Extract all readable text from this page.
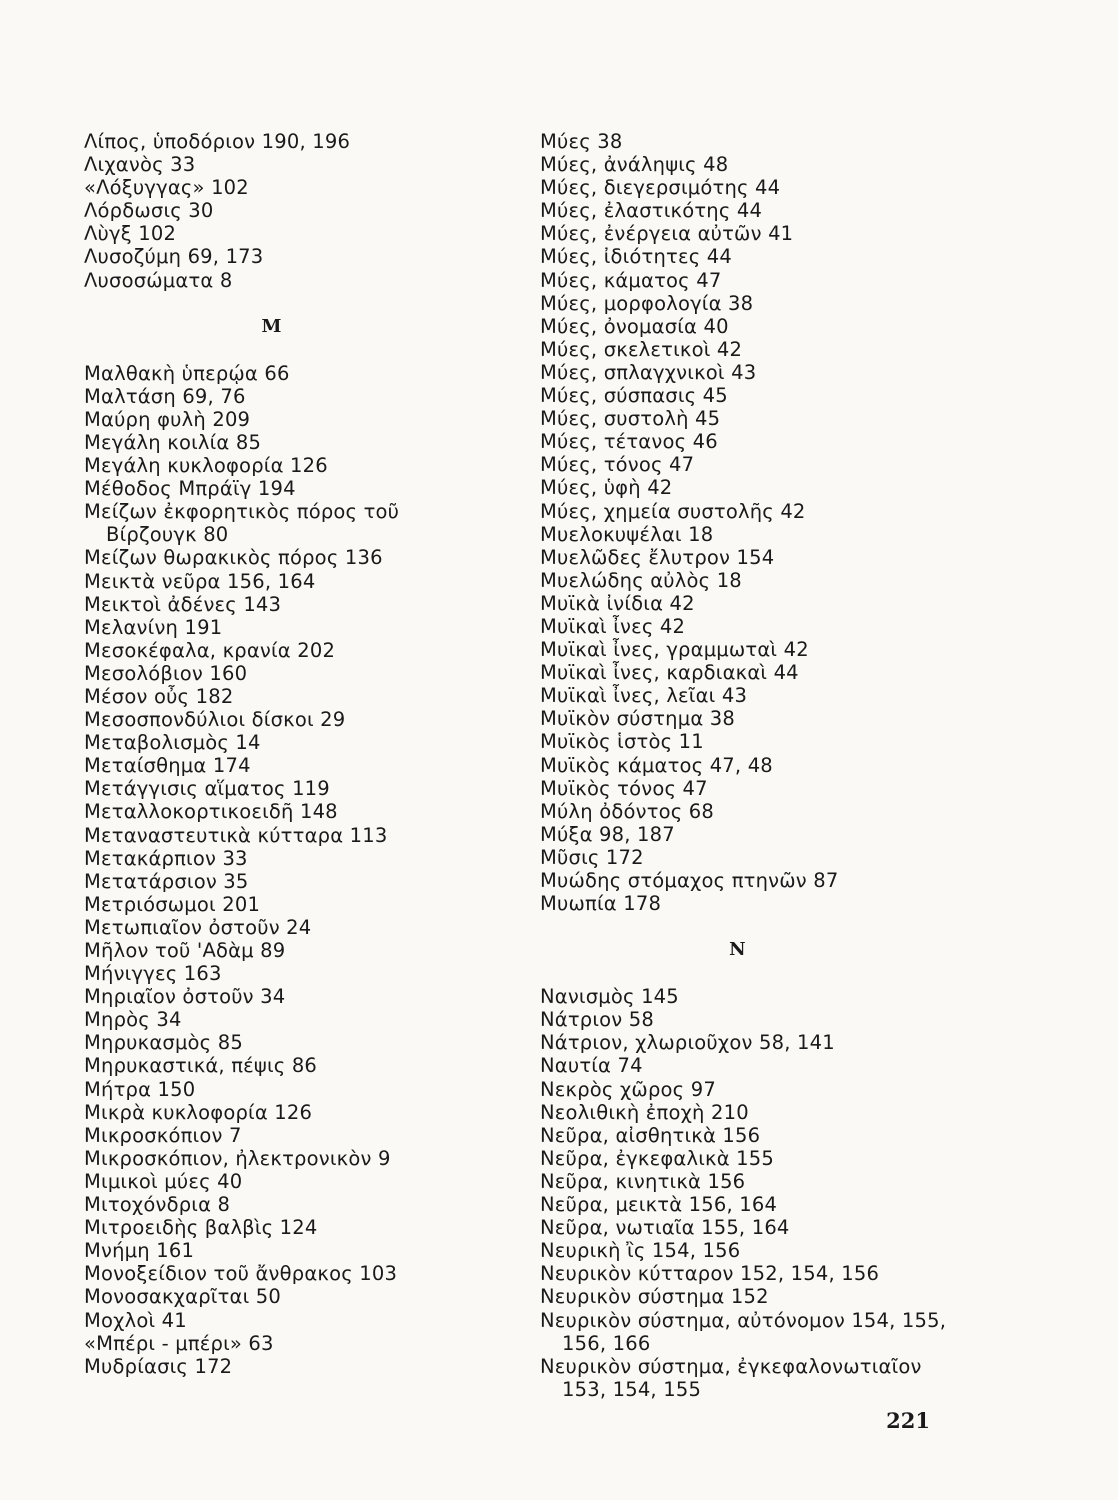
Λίπος, ὑποδόριον 190, 196
Λιχανὸς 33
«Λόξυγγας» 102
Λόρδωσις 30
Λὺγξ 102
Λυσοζύμη 69, 173
Λυσοσώματα 8
M
Μαλθακὴ ὑπερῴα 66
Μαλτάση 69, 76
Μαύρη φυλὴ 209
Μεγάλη κοιλία 85
Μεγάλη κυκλοφορία 126
Μέθοδος Μπράϊγ 194
Μείζων ἐκφορητικὸς πόρος τοῦ Βίρζουγκ 80
Μείζων θωρακικὸς πόρος 136
Μεικτὰ νεῦρα 156, 164
Μεικτοὶ ἀδένες 143
Μελανίνη 191
Μεσοκέφαλα, κρανία 202
Μεσολόβιον 160
Μέσον οὖς 182
Μεσοσπονδύλιοι δίσκοι 29
Μεταβολισμὸς 14
Μεταίσθημα 174
Μετάγγισις αἵματος 119
Μεταλλοκορτικοειδῆ 148
Μεταναστευτικὰ κύτταρα 113
Μετακάρπιον 33
Μετατάρσιον 35
Μετριόσωμοι 201
Μετωπιαῖον ὀστοῦν 24
Μῆλον τοῦ 'Αδὰμ 89
Μήνιγγες 163
Μηριαῖον ὀστοῦν 34
Μηρὸς 34
Μηρυκασμὸς 85
Μηρυκαστικά, πέψις 86
Μήτρα 150
Μικρὰ κυκλοφορία 126
Μικροσκόπιον 7
Μικροσκόπιον, ἠλεκτρονικὸν 9
Μιμικοὶ μύες 40
Μιτοχόνδρια 8
Μιτροειδὴς βαλβὶς 124
Μνήμη 161
Μονοξείδιον τοῦ ἄνθρακος 103
Μονοσακχαρῖται 50
Μοχλοὶ 41
«Μπέρι - μπέρι» 63
Μυδρίασις 172
Μύες 38
Μύες, ἀνάληψις 48
Μύες, διεγερσιμότης 44
Μύες, ἐλαστικότης 44
Μύες, ἐνέργεια αὐτῶν 41
Μύες, ἰδιότητες 44
Μύες, κάματος 47
Μύες, μορφολογία 38
Μύες, ὀνομασία 40
Μύες, σκελετικοὶ 42
Μύες, σπλαγχνικοὶ 43
Μύες, σύσπασις 45
Μύες, συστολὴ 45
Μύες, τέτανος 46
Μύες, τόνος 47
Μύες, ὑφὴ 42
Μύες, χημεία συστολῆς 42
Μυελοκυψέλαι 18
Μυελῶδες ἔλυτρον 154
Μυελώδης αὐλὸς 18
Μυϊκὰ ἰνίδια 42
Μυϊκαὶ ἶνες 42
Μυϊκαὶ ἶνες, γραμμωταὶ 42
Μυϊκαὶ ἶνες, καρδιακαὶ 44
Μυϊκαὶ ἶνες, λεῖαι 43
Μυϊκὸν σύστημα 38
Μυϊκὸς ἱστὸς 11
Μυϊκὸς κάματος 47, 48
Μυϊκὸς τόνος 47
Μύλη ὀδόντος 68
Μύξα 98, 187
Μῦσις 172
Μυώδης στόμαχος πτηνῶν 87
Μυωπία 178
N
Νανισμὸς 145
Νάτριον 58
Νάτριον, χλωριοῦχον 58, 141
Ναυτία 74
Νεκρὸς χῶρος 97
Νεολιθικὴ ἐποχὴ 210
Νεῦρα, αἰσθητικὰ 156
Νεῦρα, ἐγκεφαλικὰ 155
Νεῦρα, κινητικὰ 156
Νεῦρα, μεικτὰ 156, 164
Νεῦρα, νωτιαῖα 155, 164
Νευρικὴ ἲς 154, 156
Νευρικὸν κύτταρον 152, 154, 156
Νευρικὸν σύστημα 152
Νευρικὸν σύστημα, αὐτόνομον 154, 155, 156, 166
Νευρικὸν σύστημα, ἐγκεφαλονωτιαῖον 153, 154, 155
221
